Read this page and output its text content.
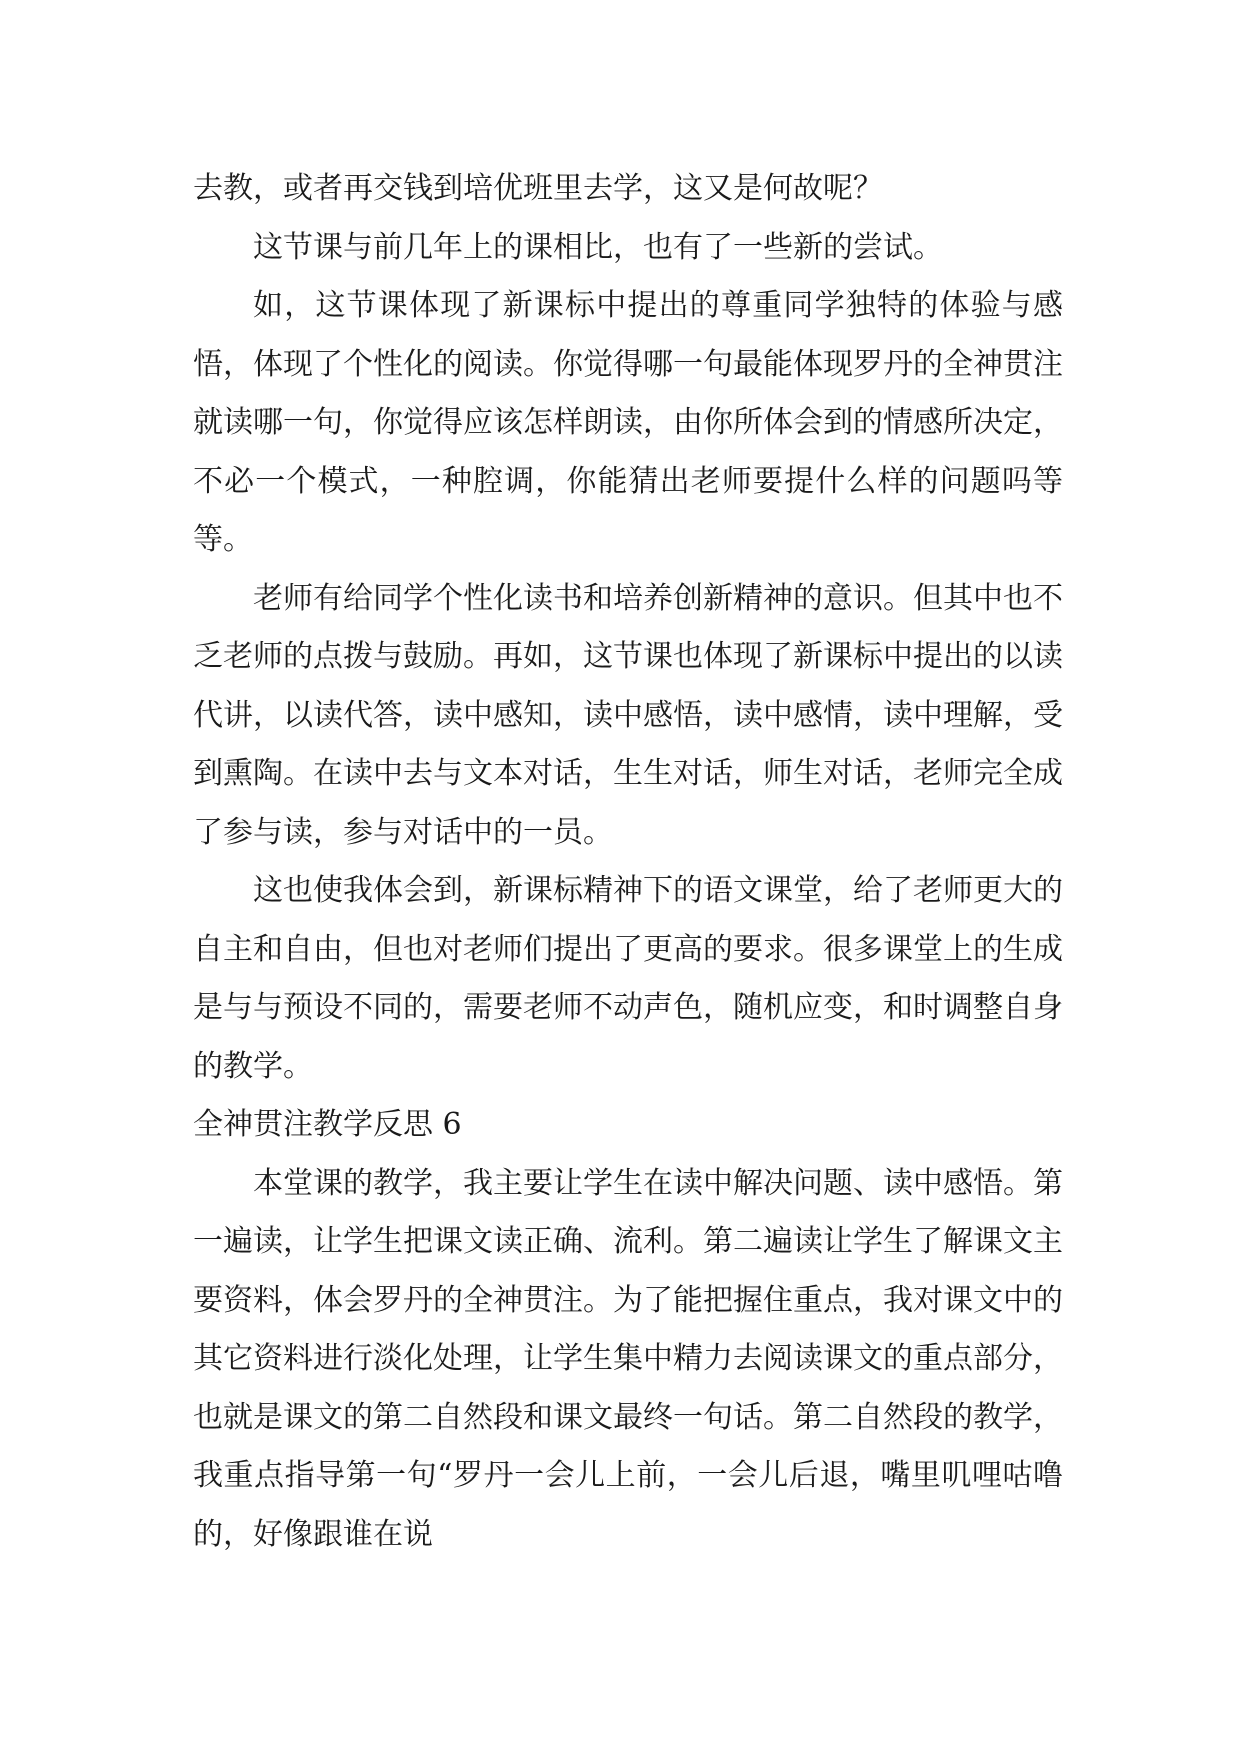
去教，或者再交钱到培优班里去学，这又是何故呢？

这节课与前几年上的课相比，也有了一些新的尝试。

如，这节课体现了新课标中提出的尊重同学独特的体验与感悟，体现了个性化的阅读。你觉得哪一句最能体现罗丹的全神贯注就读哪一句，你觉得应该怎样朗读，由你所体会到的情感所决定，不必一个模式，一种腔调，你能猜出老师要提什么样的问题吗等等。

老师有给同学个性化读书和培养创新精神的意识。但其中也不乏老师的点拨与鼓励。再如，这节课也体现了新课标中提出的以读代讲，以读代答，读中感知，读中感悟，读中感情，读中理解，受到熏陶。在读中去与文本对话，生生对话，师生对话，老师完全成了参与读，参与对话中的一员。

这也使我体会到，新课标精神下的语文课堂，给了老师更大的自主和自由，但也对老师们提出了更高的要求。很多课堂上的生成是与与预设不同的，需要老师不动声色，随机应变，和时调整自身的教学。

全神贯注教学反思 6

本堂课的教学，我主要让学生在读中解决问题、读中感悟。第一遍读，让学生把课文读正确、流利。第二遍读让学生了解课文主要资料，体会罗丹的全神贯注。为了能把握住重点，我对课文中的其它资料进行淡化处理，让学生集中精力去阅读课文的重点部分，也就是课文的第二自然段和课文最终一句话。第二自然段的教学，我重点指导第一句“罗丹一会儿上前，一会儿后退，嘴里叽哩咕噜的，好像跟谁在说
